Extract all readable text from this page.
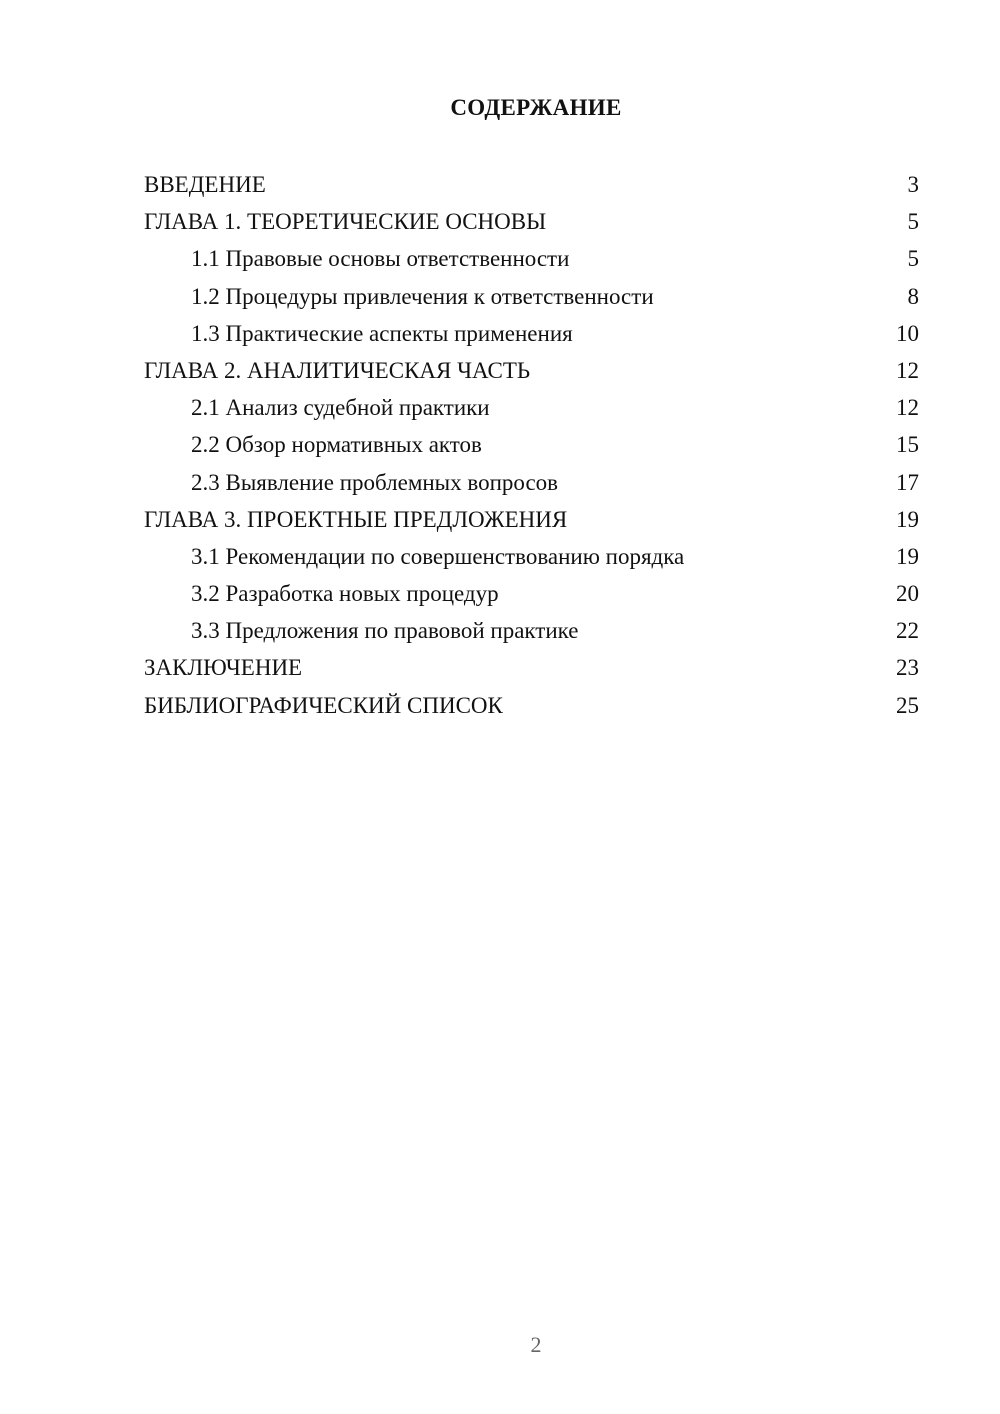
СОДЕРЖАНИЕ
ВВЕДЕНИЕ	3
ГЛАВА 1. ТЕОРЕТИЧЕСКИЕ ОСНОВЫ	5
1.1 Правовые основы ответственности	5
1.2 Процедуры привлечения к ответственности	8
1.3 Практические аспекты применения	10
ГЛАВА 2. АНАЛИТИЧЕСКАЯ ЧАСТЬ	12
2.1 Анализ судебной практики	12
2.2 Обзор нормативных актов	15
2.3 Выявление проблемных вопросов	17
ГЛАВА 3. ПРОЕКТНЫЕ ПРЕДЛОЖЕНИЯ	19
3.1 Рекомендации по совершенствованию порядка	19
3.2 Разработка новых процедур	20
3.3 Предложения по правовой практике	22
ЗАКЛЮЧЕНИЕ	23
БИБЛИОГРАФИЧЕСКИЙ СПИСОК	25
2
